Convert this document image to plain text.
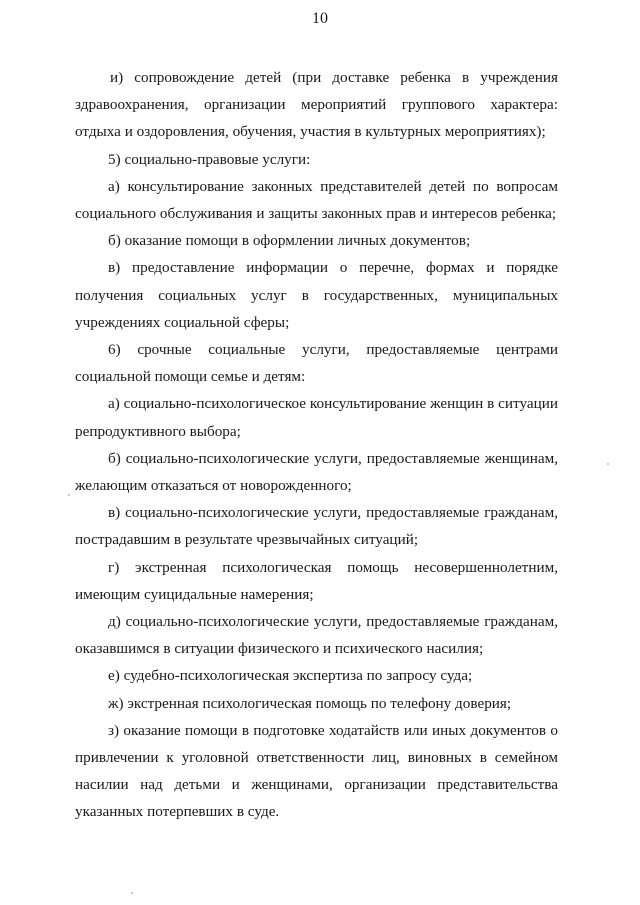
10

и) сопровождение детей (при доставке ребенка в учреждения здравоохранения, организации мероприятий группового характера: отдыха и оздоровления, обучения, участия в культурных мероприятиях);

5) социально-правовые услуги:

а) консультирование законных представителей детей по вопросам социального обслуживания и защиты законных прав и интересов ребенка;

б) оказание помощи в оформлении личных документов;

в) предоставление информации о перечне, формах и порядке получения социальных услуг в государственных, муниципальных учреждениях социальной сферы;

6) срочные социальные услуги, предоставляемые центрами социальной помощи семье и детям:

а) социально-психологическое консультирование женщин в ситуации репродуктивного выбора;

б) социально-психологические услуги, предоставляемые женщинам, желающим отказаться от новорожденного;

в) социально-психологические услуги, предоставляемые гражданам, пострадавшим в результате чрезвычайных ситуаций;

г) экстренная психологическая помощь несовершеннолетним, имеющим суицидальные намерения;

д) социально-психологические услуги, предоставляемые гражданам, оказавшимся в ситуации физического и психического насилия;

е) судебно-психологическая экспертиза по запросу суда;

ж) экстренная психологическая помощь по телефону доверия;

з) оказание помощи в подготовке ходатайств или иных документов о привлечении к уголовной ответственности лиц, виновных в семейном насилии над детьми и женщинами, организации представительства указанных потерпевших в суде.
